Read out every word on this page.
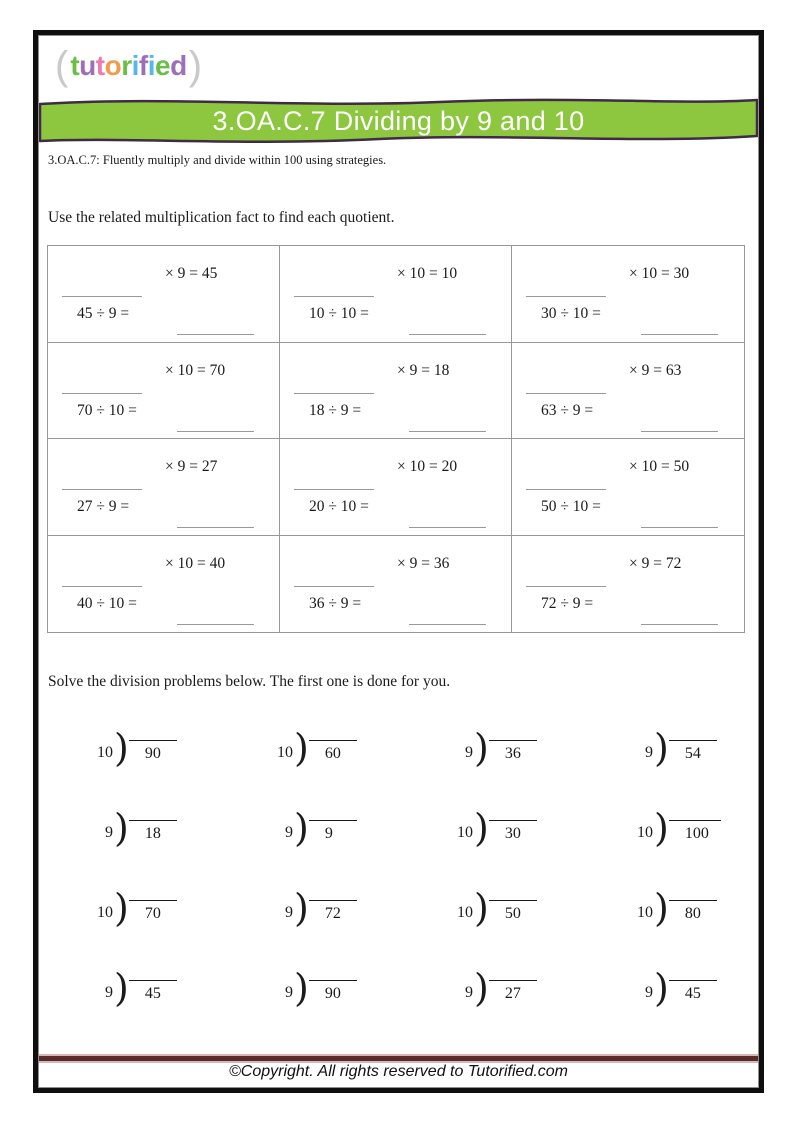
( t u t o r i f i e d )
3.OA.C.7 Dividing by 9 and 10
3.OA.C.7: Fluently multiply and divide within 100 using strategies.
Use the related multiplication fact to find each quotient.
× 9 = 45
45 ÷ 9 =
× 10 = 10
10 ÷ 10 =
× 10 = 30
30 ÷ 10 =
× 10 = 70
70 ÷ 10 =
× 9 = 18
18 ÷ 9 =
× 9 = 63
63 ÷ 9 =
× 9 = 27
27 ÷ 9 =
× 10 = 20
20 ÷ 10 =
× 10 = 50
50 ÷ 10 =
× 10 = 40
40 ÷ 10 =
× 9 = 36
36 ÷ 9 =
× 9 = 72
72 ÷ 9 =
Solve the division problems below. The first one is done for you.
10 )	90	10 )	60	9 )	36	9 )	54
9 )	18	9 )	9	10 )	30	10 )	100
10 )	70	9 )	72	10 )	50	10 )	80
9 )	45	9 )	90	9 )	27	9 )	45
©Copyright. All rights reserved to Tutorified.com
